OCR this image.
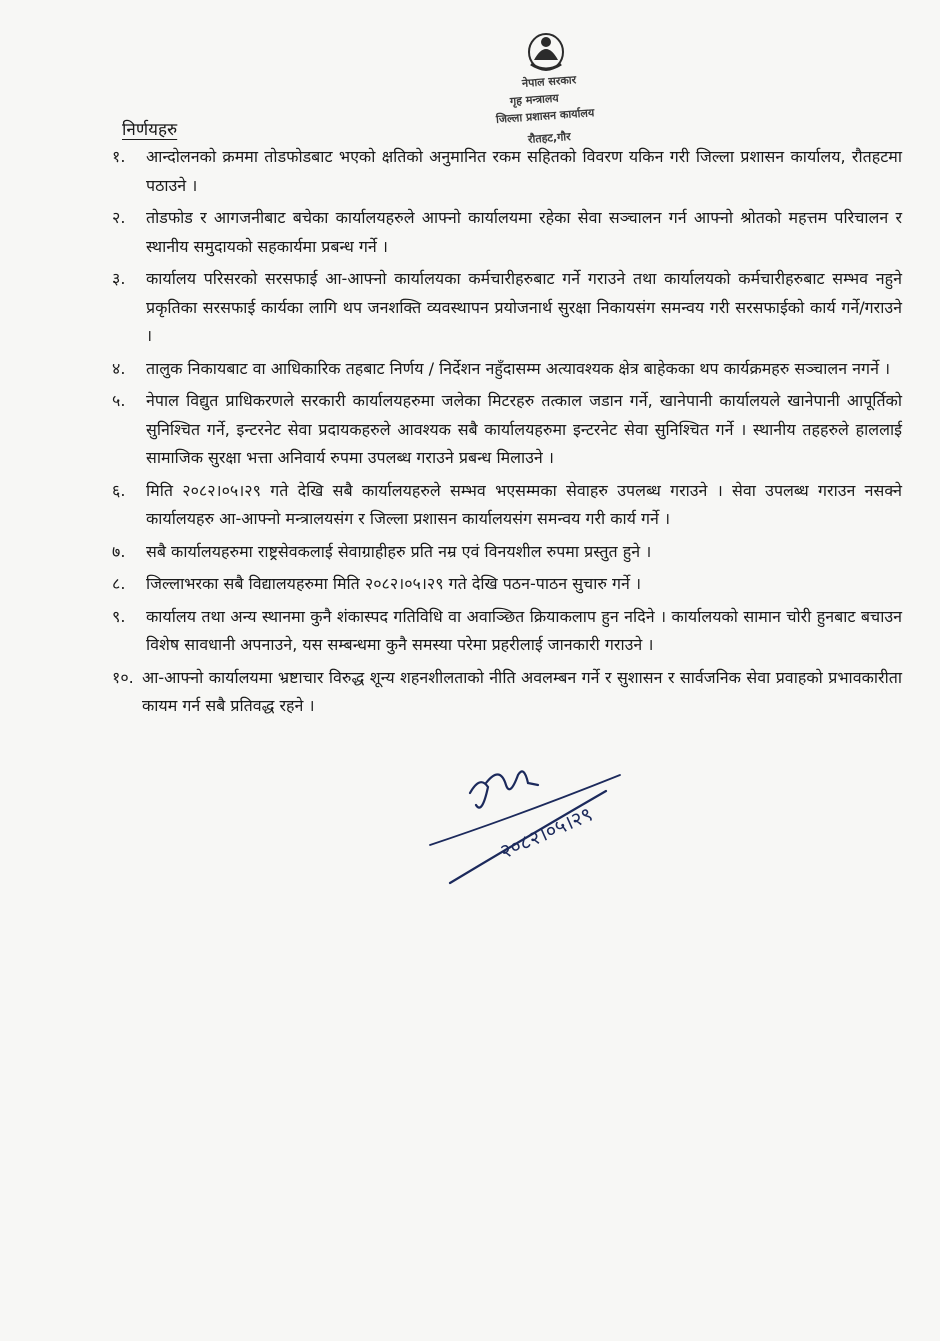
नेपाल सरकार
गृह मन्त्रालय
जिल्ला प्रशासन कार्यालय
रौतहट,गौर
निर्णयहरु
१.	आन्दोलनको क्रममा तोडफोडबाट भएको क्षतिको अनुमानित रकम सहितको विवरण यकिन गरी जिल्ला प्रशासन कार्यालय, रौतहटमा पठाउने ।
२.	तोडफोड र आगजनीबाट बचेका कार्यालयहरुले आफ्नो कार्यालयमा रहेका सेवा सञ्चालन गर्न आफ्नो श्रोतको महत्तम परिचालन र स्थानीय समुदायको सहकार्यमा प्रबन्ध गर्ने ।
३.	कार्यालय परिसरको सरसफाई आ-आफ्नो कार्यालयका कर्मचारीहरुबाट गर्ने गराउने तथा कार्यालयको कर्मचारीहरुबाट सम्भव नहुने प्रकृतिका सरसफाई कार्यका लागि थप जनशक्ति व्यवस्थापन प्रयोजनार्थ सुरक्षा निकायसंग समन्वय गरी सरसफाईको कार्य गर्ने/गराउने ।
४.	तालुक निकायबाट वा आधिकारिक तहबाट निर्णय / निर्देशन नहुँदासम्म अत्यावश्यक क्षेत्र बाहेकका थप कार्यक्रमहरु सञ्चालन नगर्ने ।
५.	नेपाल विद्युत प्राधिकरणले सरकारी कार्यालयहरुमा जलेका मिटरहरु तत्काल जडान गर्ने, खानेपानी कार्यालयले खानेपानी आपूर्तिको सुनिश्चित गर्ने, इन्टरनेट सेवा प्रदायकहरुले आवश्यक सबै कार्यालयहरुमा इन्टरनेट सेवा सुनिश्चित गर्ने । स्थानीय तहहरुले हाललाई सामाजिक सुरक्षा भत्ता अनिवार्य रुपमा उपलब्ध गराउने प्रबन्ध मिलाउने ।
६.	मिति २०८२।०५।२९ गते देखि सबै कार्यालयहरुले सम्भव भएसम्मका सेवाहरु उपलब्ध गराउने । सेवा उपलब्ध गराउन नसक्ने कार्यालयहरु आ-आफ्नो मन्त्रालयसंग र जिल्ला प्रशासन कार्यालयसंग समन्वय गरी कार्य गर्ने ।
७.	सबै कार्यालयहरुमा राष्ट्रसेवकलाई सेवाग्राहीहरु प्रति नम्र एवं विनयशील रुपमा प्रस्तुत हुने ।
८.	जिल्लाभरका सबै विद्यालयहरुमा मिति २०८२।०५।२९ गते देखि पठन-पाठन सुचारु गर्ने ।
९.	कार्यालय तथा अन्य स्थानमा कुनै शंकास्पद गतिविधि वा अवाञ्छित क्रियाकलाप हुन नदिने । कार्यालयको सामान चोरी हुनबाट बचाउन विशेष सावधानी अपनाउने, यस सम्बन्धमा कुनै समस्या परेमा प्रहरीलाई जानकारी गराउने ।
१०. आ-आफ्नो कार्यालयमा भ्रष्टाचार विरुद्ध शून्य शहनशीलताको नीति अवलम्बन गर्ने र सुशासन र सार्वजनिक सेवा प्रवाहको प्रभावकारीता कायम गर्न सबै प्रतिवद्ध रहने ।
२०८२।०५।२९
